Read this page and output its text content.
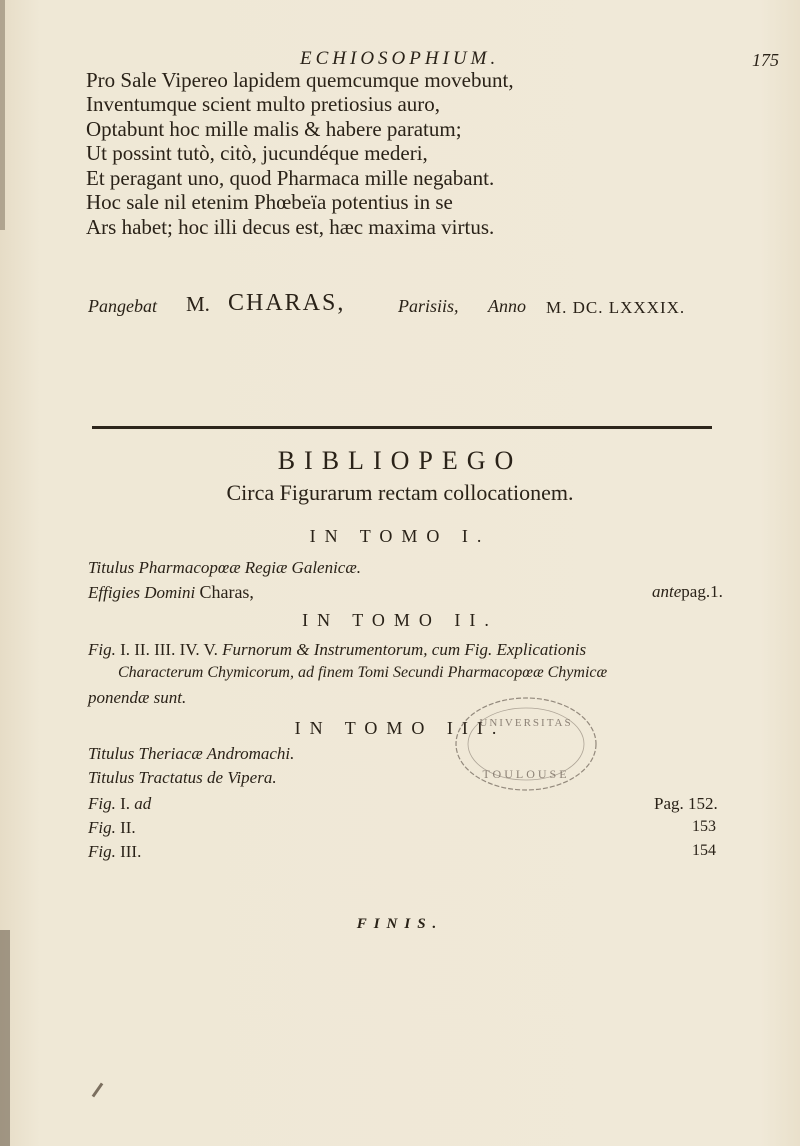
ECHIOSOPHIUM.	175
Pro Sale Vipereo lapidem quemcumque movebunt,
Inventumque scient multo pretiosius auro,
Optabunt hoc mille malis & habere paratum;
Ut possint tutò, citò, jucundéque mederi,
Et peragant uno, quod Pharmaca mille negabant.
Hoc sale nil etenim Phœbeïa potentius in se
Ars habet; hoc illi decus est, hæc maxima virtus.
Pangebat M. CHARAS,	Parisiis, Anno M. DC. LXXXIX.
BIBLIOPEGO
Circa Figurarum rectam collocationem.
IN TOMO I.
Titulus Pharmacopœæ Regiæ Galenicæ.
Effigies Domini Charas,	antepag.1.
IN TOMO II.
Fig. I. II. III. IV. V. Furnorum & Instrumentorum, cum Fig. Explicationis
Characterum Chymicorum, ad finem Tomi Secundi Pharmacopœæ Chymicæ
ponendæ sunt.
IN TOMO III.
Titulus Theriacæ Andromachi.
Titulus Tractatus de Vipera.
Fig. I. ad	Pag. 152.
Fig. II.	153
Fig. III.	154
UNIVERSITAS
TOULOUSE
FINIS.
